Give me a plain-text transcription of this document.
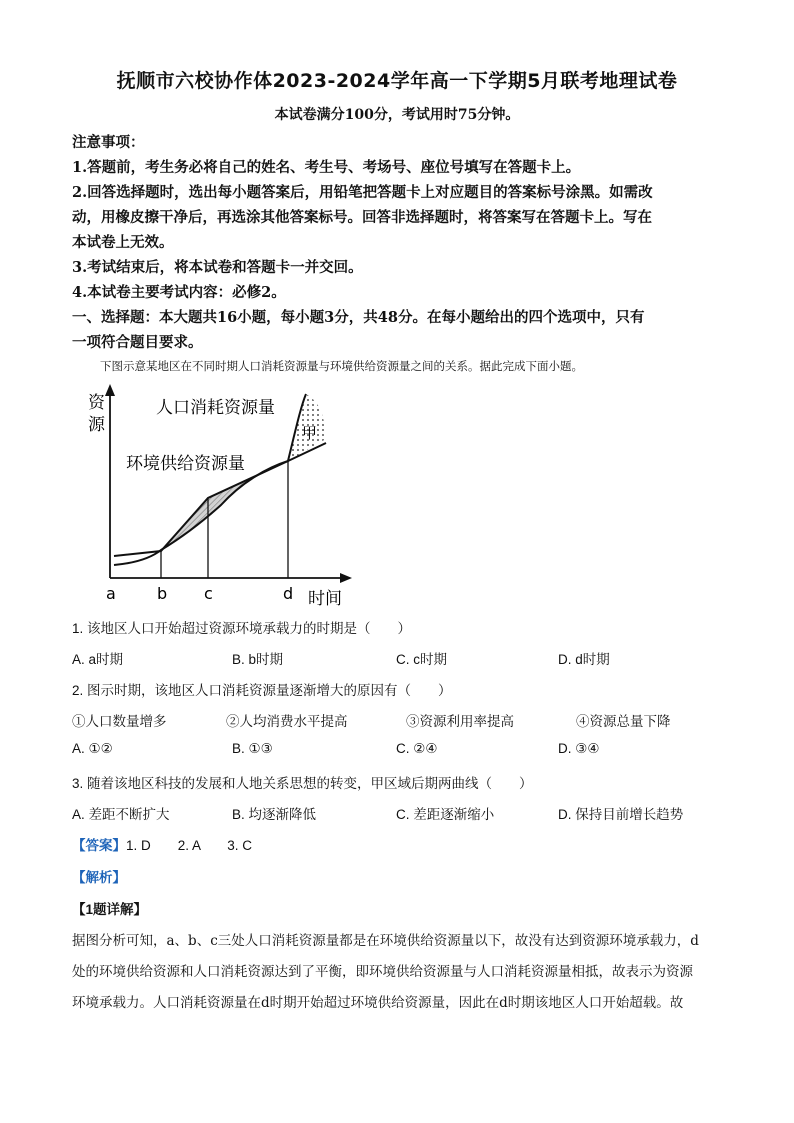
抚顺市六校协作体2023-2024学年高一下学期5月联考地理试卷
本试卷满分100分，考试用时75分钟。
注意事项：
1.答题前，考生务必将自己的姓名、考生号、考场号、座位号填写在答题卡上。
2.回答选择题时，选出每小题答案后，用铅笔把答题卡上对应题目的答案标号涂黑。如需改
动，用橡皮擦干净后，再选涂其他答案标号。回答非选择题时，将答案写在答题卡上。写在
本试卷上无效。
3.考试结束后，将本试卷和答题卡一并交回。
4.本试卷主要考试内容：必修2。
一、选择题：本大题共16小题，每小题3分，共48分。在每小题给出的四个选项中，只有
一项符合题目要求。
下图示意某地区在不同时期人口消耗资源量与环境供给资源量之间的关系。据此完成下面小题。
资
源
人口消耗资源量
环境供给资源量
甲
a	b c	d 时间
1. 该地区人口开始超过资源环境承载力的时期是（　　）
A. a时期	B. b时期	C. c时期	D. d时期
2. 图示时期，该地区人口消耗资源量逐渐增大的原因有（　　）
①人口数量增多	②人均消费水平提高	③资源利用率提高	④资源总量下降
A. ①②	B. ①③	C. ②④	D. ③④
3. 随着该地区科技的发展和人地关系思想的转变，甲区域后期两曲线（　　）
A. 差距不断扩大	B. 均逐渐降低	C. 差距逐渐缩小	D. 保持目前增长趋势
【答案】1. D　　2. A　　3. C
【解析】
【1题详解】
据图分析可知，a、b、c三处人口消耗资源量都是在环境供给资源量以下，故没有达到资源环境承载力，d
处的环境供给资源和人口消耗资源达到了平衡，即环境供给资源量与人口消耗资源量相抵，故表示为资源
环境承载力。人口消耗资源量在d时期开始超过环境供给资源量，因此在d时期该地区人口开始超载。故
